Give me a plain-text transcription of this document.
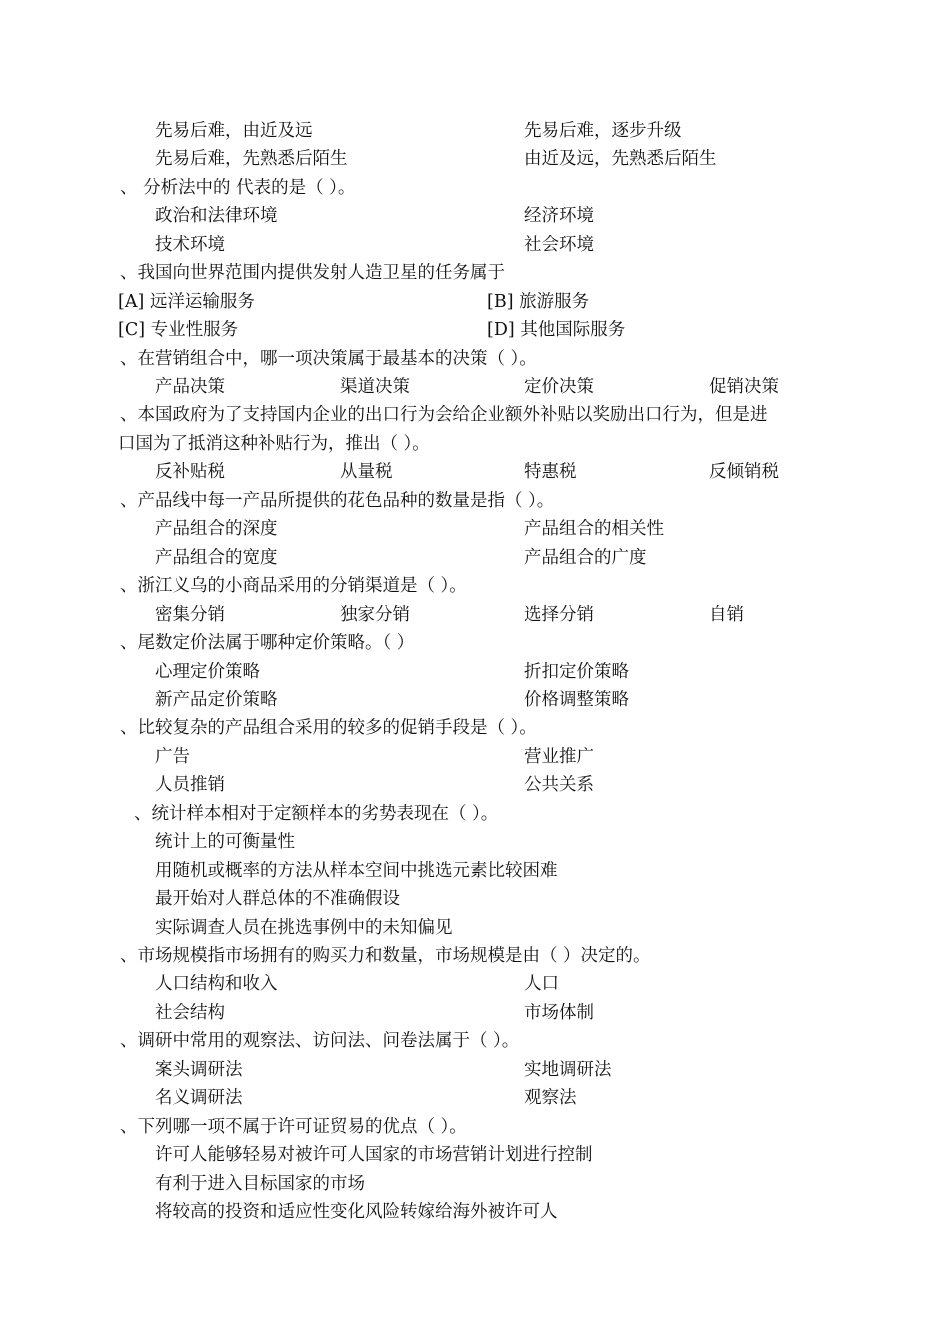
先易后难，由近及远	先易后难，逐步升级
先易后难，先熟悉后陌生	由近及远，先熟悉后陌生
、 分析法中的 代表的是（ ）。
政治和法律环境	经济环境
技术环境	社会环境
、我国向世界范围内提供发射人造卫星的任务属于
[A] 远洋运输服务	[B] 旅游服务
[C] 专业性服务	[D] 其他国际服务
、在营销组合中，哪一项决策属于最基本的决策（ ）。
产品决策	渠道决策	定价决策	促销决策
、本国政府为了支持国内企业的出口行为会给企业额外补贴以奖励出口行为，但是进
口国为了抵消这种补贴行为，推出（ ）。
反补贴税	从量税	特惠税	反倾销税
、产品线中每一产品所提供的花色品种的数量是指（ ）。
产品组合的深度	产品组合的相关性
产品组合的宽度	产品组合的广度
、浙江义乌的小商品采用的分销渠道是（ ）。
密集分销	独家分销	选择分销	自销
、尾数定价法属于哪种定价策略。（ ）
心理定价策略	折扣定价策略
新产品定价策略	价格调整策略
、比较复杂的产品组合采用的较多的促销手段是（ ）。
广告	营业推广
人员推销	公共关系
、统计样本相对于定额样本的劣势表现在（ ）。
统计上的可衡量性
用随机或概率的方法从样本空间中挑选元素比较困难
最开始对人群总体的不准确假设
实际调查人员在挑选事例中的未知偏见
、市场规模指市场拥有的购买力和数量，市场规模是由（ ）决定的。
人口结构和收入	人口
社会结构	市场体制
、调研中常用的观察法、访问法、问卷法属于（ ）。
案头调研法	实地调研法
名义调研法	观察法
、下列哪一项不属于许可证贸易的优点（ ）。
许可人能够轻易对被许可人国家的市场营销计划进行控制
有利于进入目标国家的市场
将较高的投资和适应性变化风险转嫁给海外被许可人
